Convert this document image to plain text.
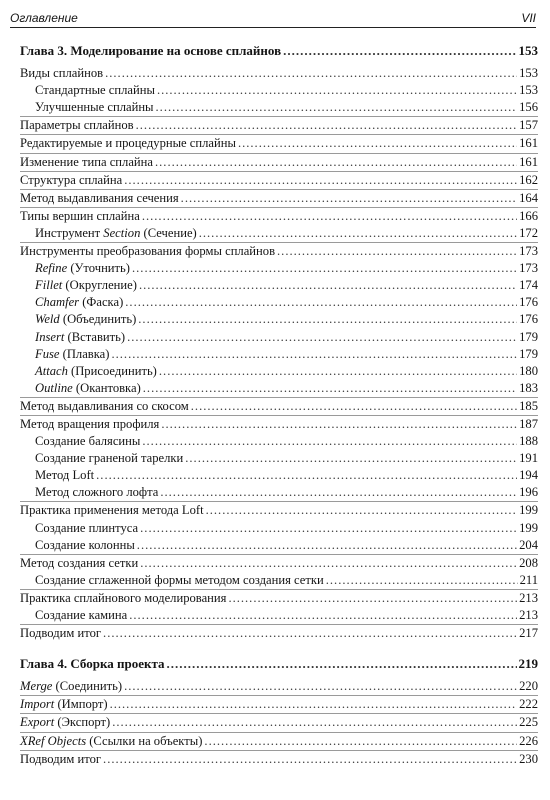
Оглавление	VII
Глава 3. Моделирование на основе сплайнов .....	153
Виды сплайнов .....	153
Стандартные сплайны .....	153
Улучшенные сплайны .....	156
Параметры сплайнов .....	157
Редактируемые и процедурные сплайны .....	161
Изменение типа сплайна .....	161
Структура сплайна .....	162
Метод выдавливания сечения .....	164
Типы вершин сплайна .....	166
Инструмент Section (Сечение) .....	172
Инструменты преобразования формы сплайнов .....	173
Refine (Уточнить) .....	173
Fillet (Округление) .....	174
Chamfer (Фаска) .....	176
Weld (Объединить) .....	176
Insert (Вставить) .....	179
Fuse (Плавка) .....	179
Attach (Присоединить) .....	180
Outline (Окантовка) .....	183
Метод выдавливания со скосом .....	185
Метод вращения профиля .....	187
Создание балясины .....	188
Создание граненой тарелки .....	191
Метод Loft .....	194
Метод сложного лофта .....	196
Практика применения метода Loft .....	199
Создание плинтуса .....	199
Создание колонны .....	204
Метод создания сетки .....	208
Создание сглаженной формы методом создания сетки .....	211
Практика сплайнового моделирования .....	213
Создание камина .....	213
Подводим итог .....	217
Глава 4. Сборка проекта .....	219
Merge (Соединить) .....	220
Import (Импорт) .....	222
Export (Экспорт) .....	225
XRef Objects (Ссылки на объекты) .....	226
Подводим итог .....	230
